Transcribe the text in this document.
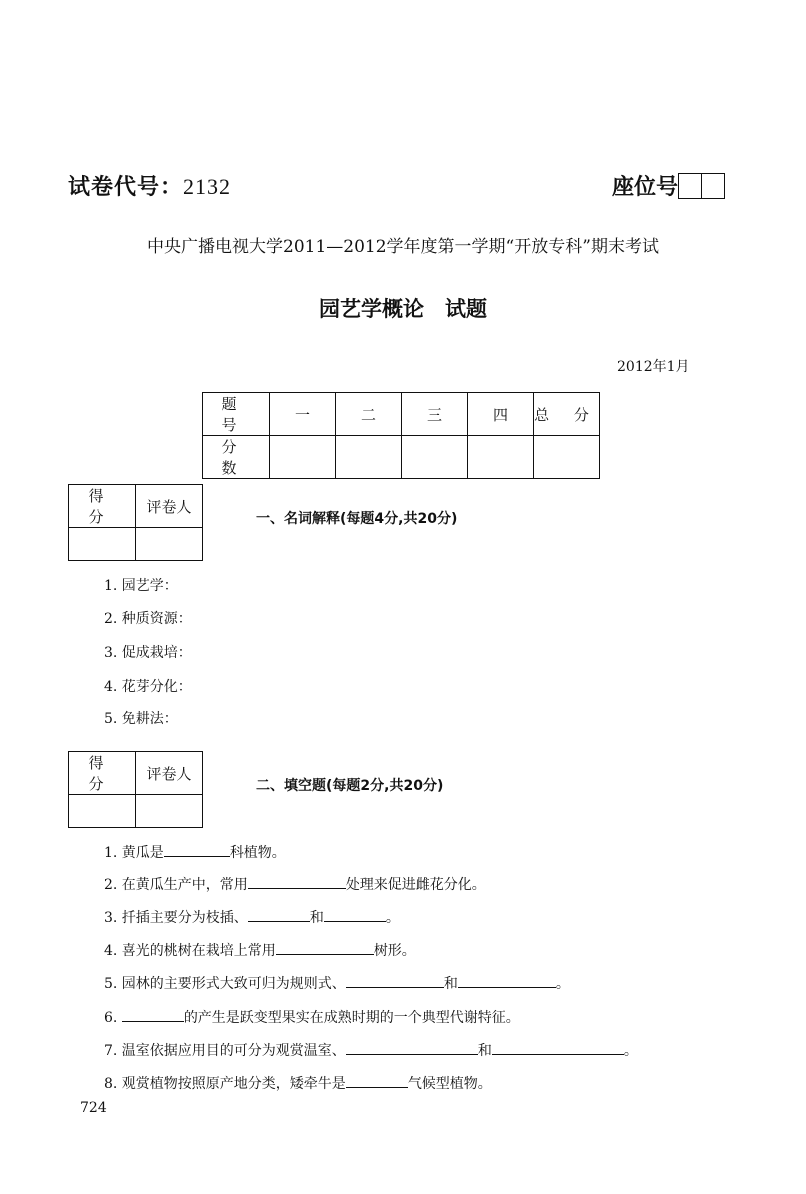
试卷代号：2132	座位号
中央广播电视大学2011—2012学年度第一学期“开放专科”期末考试
园艺学概论　试题
2012年1月
题 号	一	二	三	四	总 分
分 数					
得 分	评卷人

一、名词解释(每题4分,共20分)
1. 园艺学：
2. 种质资源：
3. 促成栽培：
4. 花芽分化：
5. 免耕法：
得 分	评卷人

二、填空题(每题2分,共20分)
1. 黄瓜是	科植物。
2. 在黄瓜生产中，常用	处理来促进雌花分化。
3. 扦插主要分为枝插、	和	。
4. 喜光的桃树在栽培上常用	树形。
5. 园林的主要形式大致可归为规则式、	和	。
6.	的产生是跃变型果实在成熟时期的一个典型代谢特征。
7. 温室依据应用目的可分为观赏温室、	和	。
8. 观赏植物按照原产地分类，矮牵牛是	气候型植物。
724
